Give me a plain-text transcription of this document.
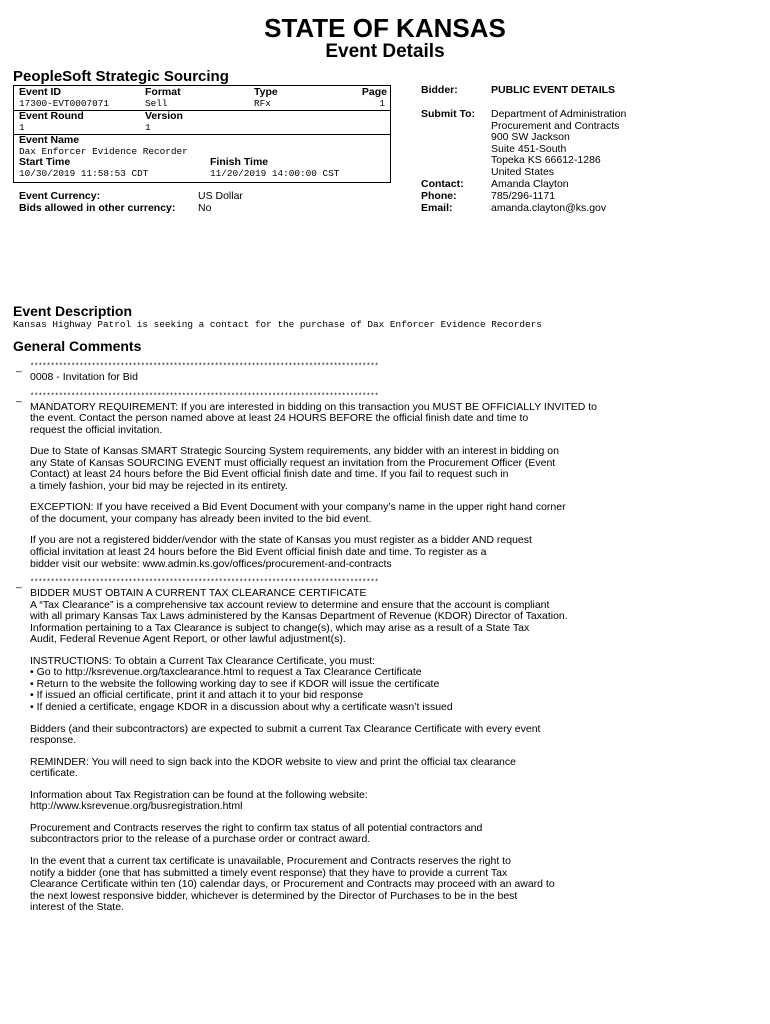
STATE OF KANSAS
Event Details
PeopleSoft Strategic Sourcing
Event ID	Format	Type	Page
17300-EVT0007071	Sell	RFx	1
Event Round	Version
1	1
Event Name
Dax Enforcer Evidence Recorder
Start Time	Finish Time
10/30/2019 11:58:53 CDT	11/20/2019 14:00:00 CST
Event Currency:	US Dollar
Bids allowed in other currency: No
Bidder:	PUBLIC EVENT DETAILS
Submit To: Department of Administration
Procurement and Contracts
900 SW Jackson
Suite 451-South
Topeka KS 66612-1286
United States
Contact:	Amanda Clayton
Phone:	785/296-1171
Email:	amanda.clayton@ks.gov
Event Description
Kansas Highway Patrol is seeking a contact for the purchase of Dax Enforcer Evidence Recorders
General Comments
_ *************************************************************************************
0008 - Invitation for Bid
_ *************************************************************************************
MANDATORY REQUIREMENT: If you are interested in bidding on this transaction you MUST BE OFFICIALLY INVITED to
the event. Contact the person named above at least 24 HOURS BEFORE the official finish date and time to
request the official invitation.
Due to State of Kansas SMART Strategic Sourcing System requirements, any bidder with an interest in bidding on
any State of Kansas SOURCING EVENT must officially request an invitation from the Procurement Officer (Event
Contact) at least 24 hours before the Bid Event official finish date and time. If you fail to request such in
a timely fashion, your bid may be rejected in its entirety.
EXCEPTION: If you have received a Bid Event Document with your company’s name in the upper right hand corner
of the document, your company has already been invited to the bid event.
If you are not a registered bidder/vendor with the state of Kansas you must register as a bidder AND request
official invitation at least 24 hours before the Bid Event official finish date and time. To register as a
bidder visit our website: www.admin.ks.gov/offices/procurement-and-contracts
_ *************************************************************************************
BIDDER MUST OBTAIN A CURRENT TAX CLEARANCE CERTIFICATE
A “Tax Clearance” is a comprehensive tax account review to determine and ensure that the account is compliant
with all primary Kansas Tax Laws administered by the Kansas Department of Revenue (KDOR) Director of Taxation.
Information pertaining to a Tax Clearance is subject to change(s), which may arise as a result of a State Tax
Audit, Federal Revenue Agent Report, or other lawful adjustment(s).
INSTRUCTIONS: To obtain a Current Tax Clearance Certificate, you must:
• Go to http://ksrevenue.org/taxclearance.html to request a Tax Clearance Certificate
• Return to the website the following working day to see if KDOR will issue the certificate
• If issued an official certificate, print it and attach it to your bid response
• If denied a certificate, engage KDOR in a discussion about why a certificate wasn’t issued
Bidders (and their subcontractors) are expected to submit a current Tax Clearance Certificate with every event
response.
REMINDER: You will need to sign back into the KDOR website to view and print the official tax clearance
certificate.
Information about Tax Registration can be found at the following website:
http://www.ksrevenue.org/busregistration.html
Procurement and Contracts reserves the right to confirm tax status of all potential contractors and
subcontractors prior to the release of a purchase order or contract award.
In the event that a current tax certificate is unavailable, Procurement and Contracts reserves the right to
notify a bidder (one that has submitted a timely event response) that they have to provide a current Tax
Clearance Certificate within ten (10) calendar days, or Procurement and Contracts may proceed with an award to
the next lowest responsive bidder, whichever is determined by the Director of Purchases to be in the best
interest of the State.
